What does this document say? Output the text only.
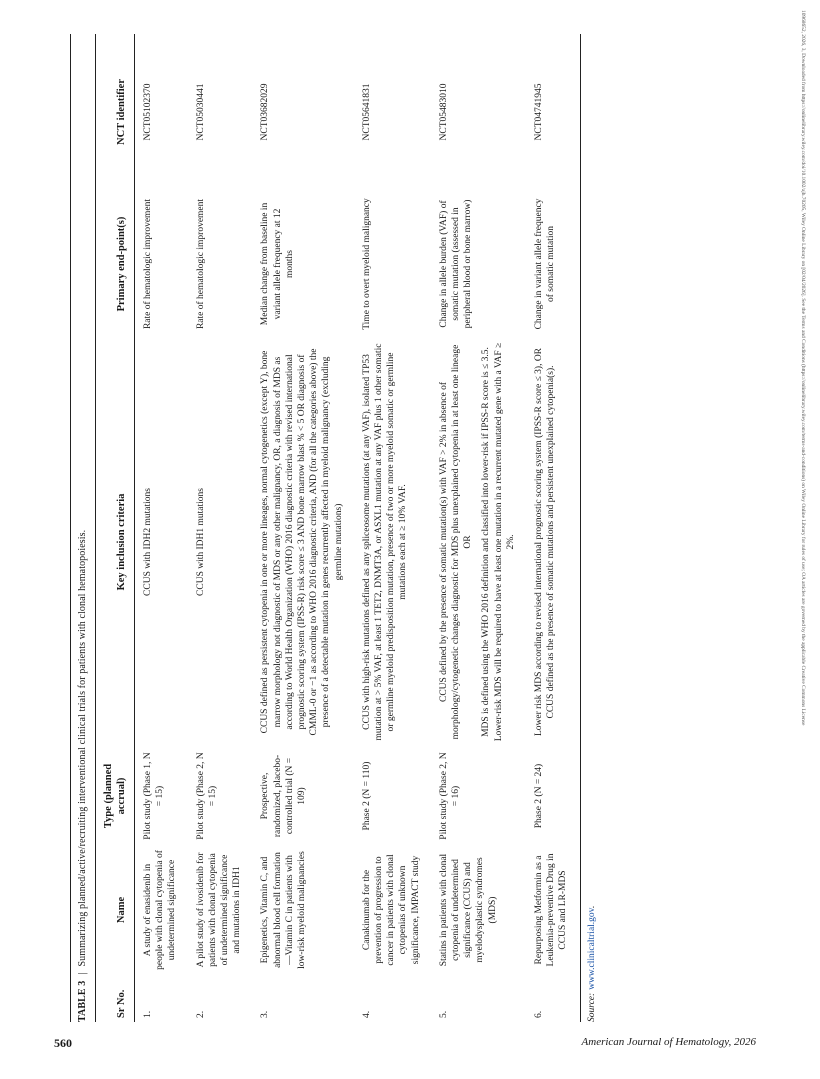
10968652, 2026, 3, Downloaded from https://onlinelibrary.wiley.com/doi/10.1002/ajh.70205, Wiley Online Library on [02/04/2026]. See the Terms and Conditions (https://onlinelibrary.wiley.com/terms-and-conditions) on Wiley Online Library for rules of use; OA articles are governed by the applicable Creative Commons License
TABLE 3|Summarizing planned/active/recruiting interventional clinical trials for patients with clonal hematopoiesis.
Sr No.	Name	Type (planned accrual)	Key inclusion criteria	Primary end-point(s)	NCT identifier
1.	A study of enasidenib in people with clonal cytopenia of undetermined significance	Pilot study (Phase 1, N = 15)	CCUS with IDH2 mutations	Rate of hematologic improvement	NCT05102370
2.	A pilot study of ivosidenib for patients with clonal cytopenia of undetermined significance and mutations in IDH1	Pilot study (Phase 2, N = 15)	CCUS with IDH1 mutations	Rate of hematologic improvement	NCT05030441
3.	Epigenetics, Vitamin C, and abnormal blood cell formation—Vitamin C in patients with low-risk myeloid malignancies	Prospective, randomized, placebo-controlled trial (N = 109)	CCUS defined as persistent cytopenia in one or more lineages, normal cytogenetics (except Y), bone marrow morphology not diagnostic of MDS or any other malignancy, OR, a diagnosis of MDS as according to World Health Organization (WHO) 2016 diagnostic criteria with revised international prognostic scoring system (IPSS-R) risk score ≤ 3 AND bone marrow blast % < 5 OR diagnosis of CMML-0 or −1 as according to WHO 2016 diagnostic criteria, AND (for all the categories above) the presence of a detectable mutation in genes recurrently affected in myeloid malignancy (excluding germline mutations)	Median change from baseline in variant allele frequency at 12 months	NCT03682029
4.	Canakinumab for the prevention of progression to cancer in patients with clonal cytopenias of unknown significance, IMPACT study	Phase 2 (N = 110)	CCUS with high-risk mutations defined as any spliceosome mutations (at any VAF), isolated TP53 mutation at > 5% VAF, at least 1 TET2, DNMT3A, or ASXL1 mutation at any VAF plus 1 other somatic or germline myeloid predisposition mutation, presence of two or more myeloid somatic or germline mutations each at ≥ 10% VAF.	Time to overt myeloid malignancy	NCT05641831
5.	Statins in patients with clonal cytopenia of undetermined significance (CCUS) and myelodysplastic syndromes (MDS)	Pilot study (Phase 2, N = 16)	CCUS defined by the presence of somatic mutation(s) with VAF > 2% in absence of morphology/cytogenetic changes diagnostic for MDS plus unexplained cytopenia in at least one lineage OR MDS is defined using the WHO 2016 definition and classified into lower-risk if IPSS-R score is ≤ 3.5. Lower-risk MDS will be required to have at least one mutation in a recurrent mutated gene with a VAF ≥ 2%.	Change in allele burden (VAF) of somatic mutation (assessed in peripheral blood or bone marrow)	NCT05483010
6.	Repurposing Metformin as a Leukemia-preventive Drug in CCUS and LR-MDS	Phase 2 (N = 24)	Lower risk MDS according to revised international prognostic scoring system (IPSS-R score ≤ 3), OR CCUS defined as the presence of somatic mutations and persistent unexplained cytopenia(s).	Change in variant allele frequency of somatic mutation	NCT04741945
Source:www.clinicaltrial.gov.
560	American Journal of Hematology, 2026
